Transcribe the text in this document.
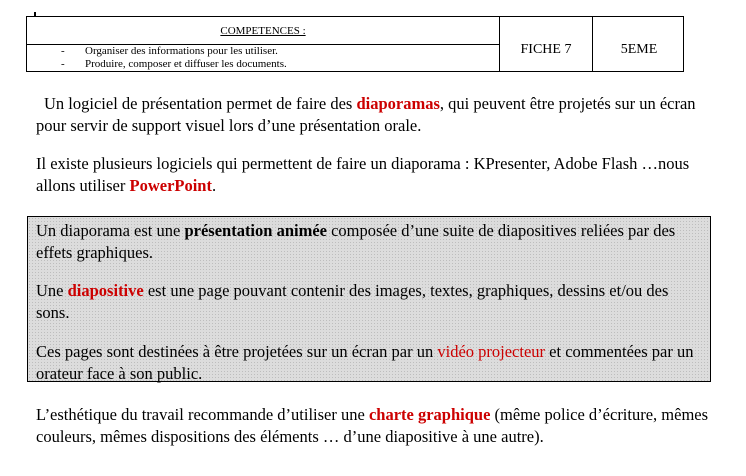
COMPETENCES :
- Organiser des informations pour les utiliser.
- Produire, composer et diffuser les documents.
FICHE 7	5EME

Un logiciel de présentation permet de faire des diaporamas, qui peuvent être projetés sur un écran pour servir de support visuel lors d’une présentation orale.

Il existe plusieurs logiciels qui permettent de faire un diaporama : KPresenter, Adobe Flash …nous allons utiliser PowerPoint.

Un diaporama est une présentation animée composée d’une suite de diapositives reliées par des effets graphiques.

Une diapositive est une page pouvant contenir des images, textes, graphiques, dessins et/ou des sons.

Ces pages sont destinées à être projetées sur un écran par un vidéo projecteur et commentées par un orateur face à son public.

L’esthétique du travail recommande d’utiliser une charte graphique (même police d’écriture, mêmes couleurs, mêmes dispositions des éléments … d’une diapositive à une autre).
